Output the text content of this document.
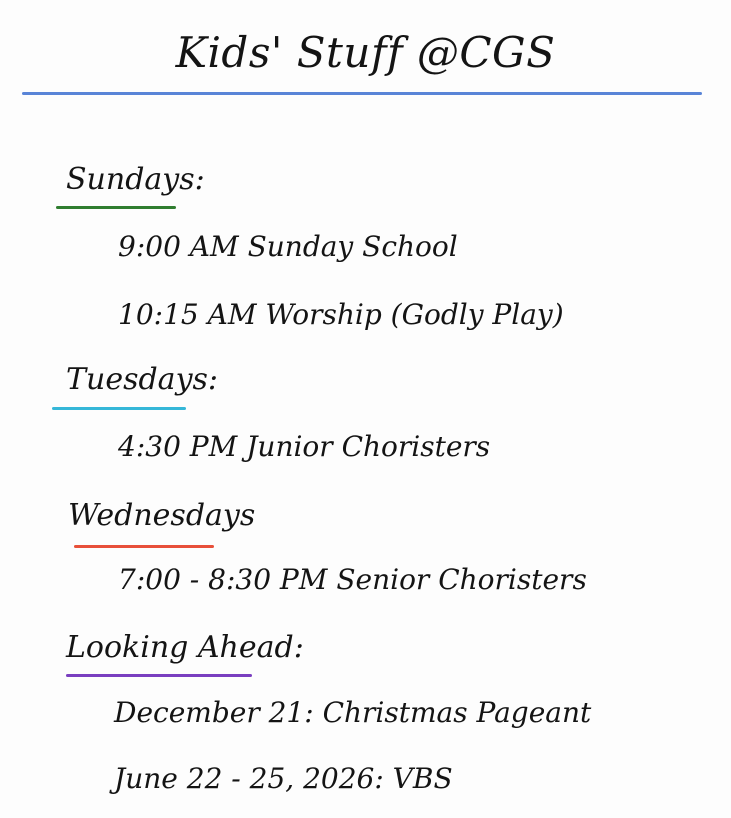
Kids' Stuff @CGS
Sundays:
9:00 AM Sunday School
10:15 AM Worship (Godly Play)
Tuesdays:
4:30 PM Junior Choristers
Wednesdays
7:00 - 8:30 PM Senior Choristers
Looking Ahead:
December 21: Christmas Pageant
June 22 - 25, 2026: VBS
